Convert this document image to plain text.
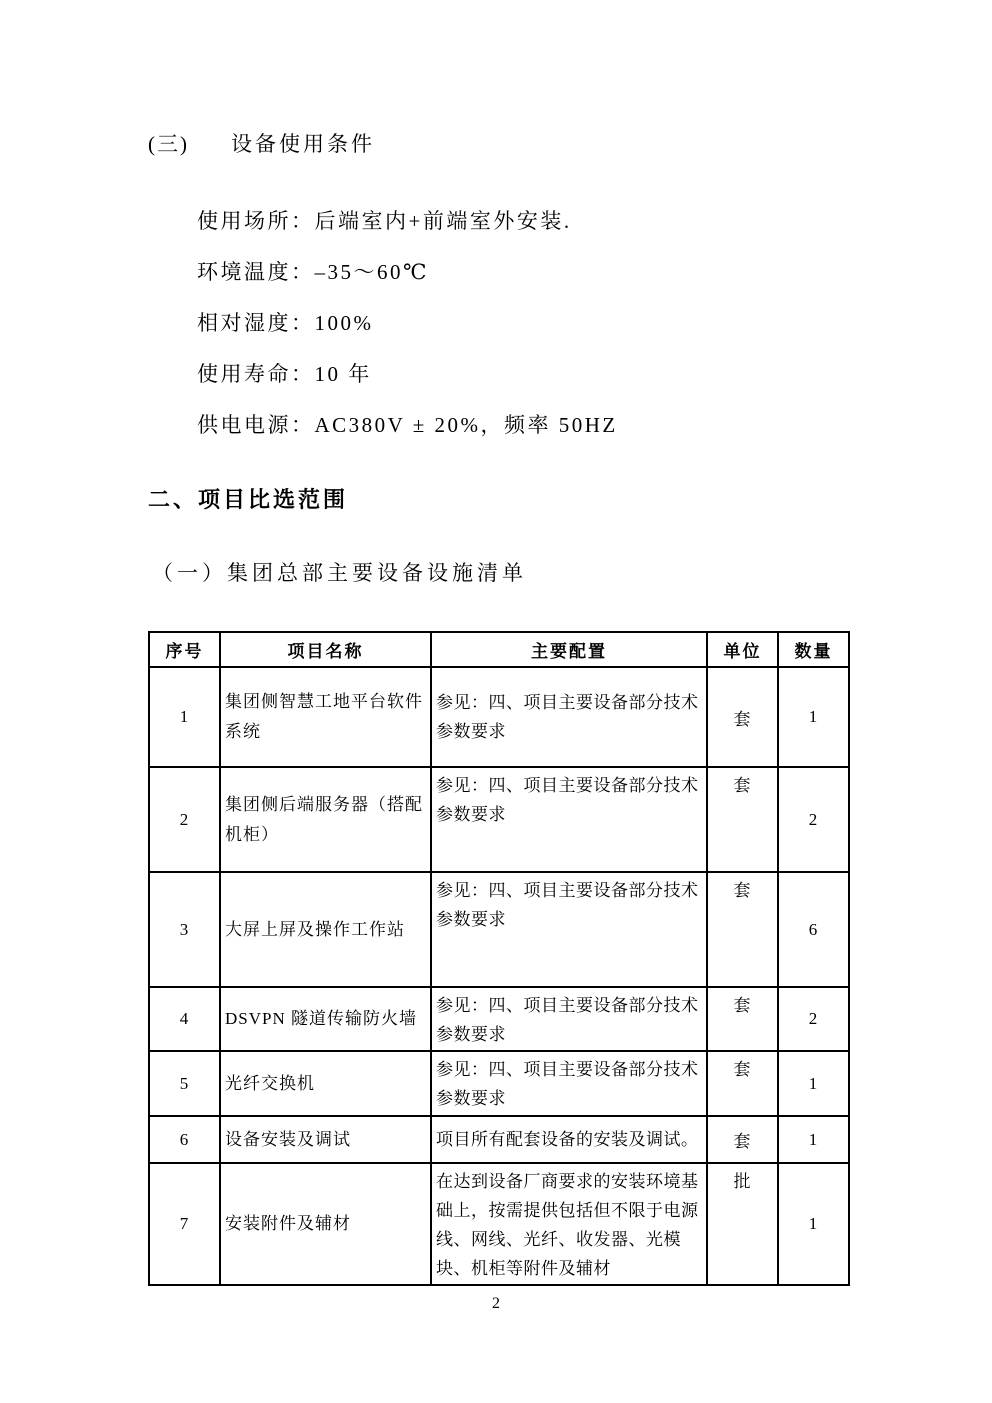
(三) 设备使用条件
使用场所：后端室内+前端室外安装.
环境温度：–35～60℃
相对湿度：100%
使用寿命：10 年
供电电源：AC380V ± 20%，频率 50HZ
二、项目比选范围
（一）集团总部主要设备设施清单
序号	项目名称	主要配置	单位	数量
1	集团侧智慧工地平台软件系统	参见：四、项目主要设备部分技术参数要求	套	1
2	集团侧后端服务器（搭配机柜）	参见：四、项目主要设备部分技术参数要求	套	2
3	大屏上屏及操作工作站	参见：四、项目主要设备部分技术参数要求	套	6
4	DSVPN 隧道传输防火墙	参见：四、项目主要设备部分技术参数要求	套	2
5	光纤交换机	参见：四、项目主要设备部分技术参数要求	套	1
6	设备安装及调试	项目所有配套设备的安装及调试。	套	1
7	安装附件及辅材	在达到设备厂商要求的安装环境基础上，按需提供包括但不限于电源线、网线、光纤、收发器、光模块、机柜等附件及辅材	批	1
2
